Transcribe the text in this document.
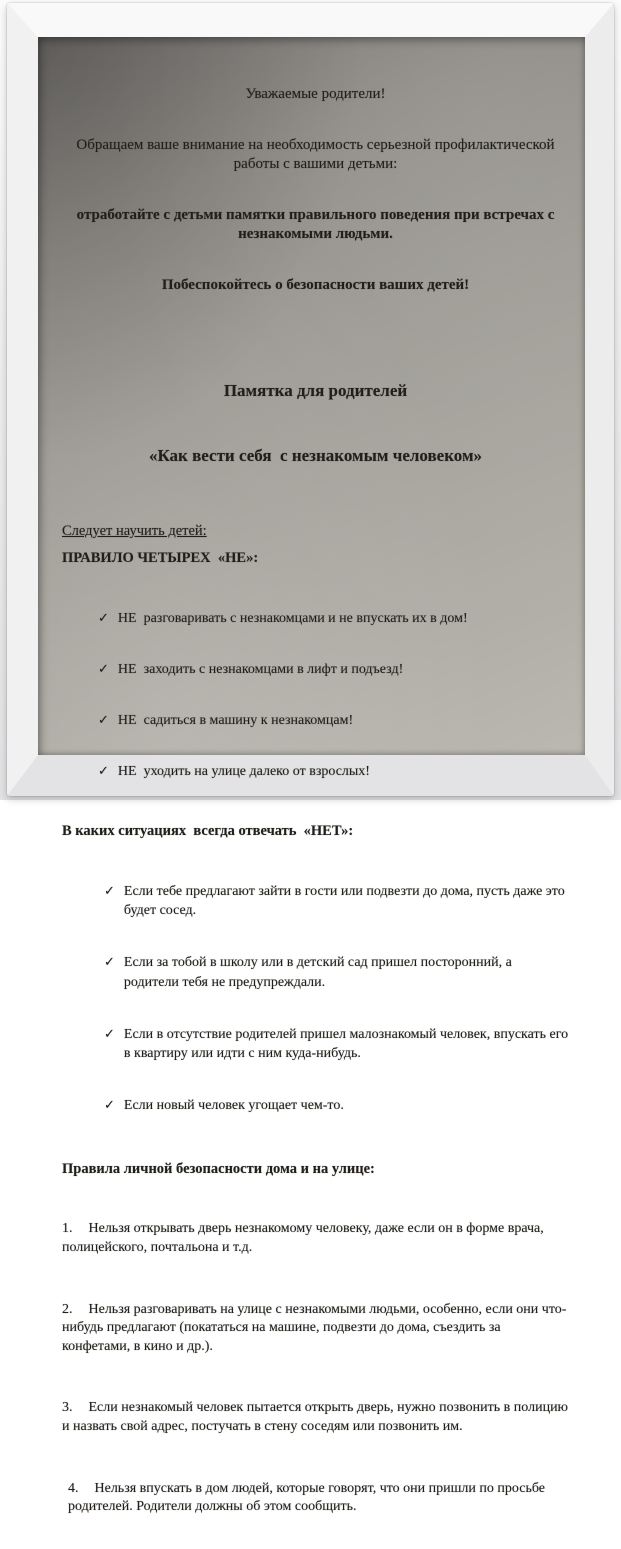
Уважаемые родители!

Обращаем ваше внимание на необходимость серьезной профилактической работы с вашими детьми:

отработайте с детьми памятки правильного поведения при встречах с незнакомыми людьми.

Побеспокойтесь о безопасности ваших детей!

Памятка для родителей

«Как вести себя  с незнакомым человеком»

Следует научить детей:
ПРАВИЛО ЧЕТЫРЕХ  «НЕ»:

✓ НЕ  разговаривать с незнакомцами и не впускать их в дом!

✓ НЕ  заходить с незнакомцами в лифт и подъезд!

✓ НЕ  садиться в машину к незнакомцам!

✓ НЕ  уходить на улице далеко от взрослых!

В каких ситуациях  всегда отвечать  «НЕТ»:

✓ Если тебе предлагают зайти в гости или подвезти до дома, пусть даже это будет сосед.

✓ Если за тобой в школу или в детский сад пришел посторонний, а родители тебя не предупреждали.

✓ Если в отсутствие родителей пришел малознакомый человек, впускать его в квартиру или идти с ним куда-нибудь.

✓ Если новый человек угощает чем-то.

Правила личной безопасности дома и на улице:

1. Нельзя открывать дверь незнакомому человеку, даже если он в форме врача, полицейского, почтальона и т.д.

2. Нельзя разговаривать на улице с незнакомыми людьми, особенно, если они что-нибудь предлагают (покататься на машине, подвезти до дома, съездить за конфетами, в кино и др.).

3. Если незнакомый человек пытается открыть дверь, нужно позвонить в полицию и назвать свой адрес, постучать в стену соседям или позвонить им.

4. Нельзя впускать в дом людей, которые говорят, что они пришли по просьбе родителей. Родители должны об этом сообщить.
